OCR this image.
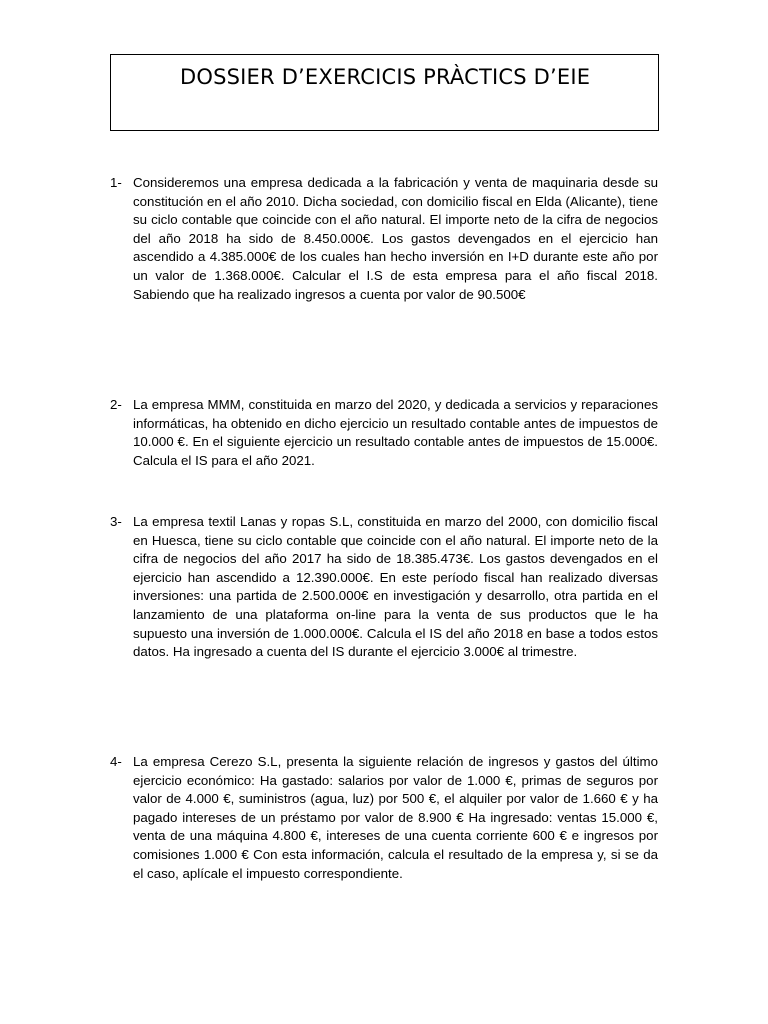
DOSSIER D’EXERCICIS PRÀCTICS D’EIE
1- Consideremos una empresa dedicada a la fabricación y venta de maquinaria desde su constitución en el año 2010. Dicha sociedad, con domicilio fiscal en Elda (Alicante), tiene su ciclo contable que coincide con el año natural. El importe neto de la cifra de negocios del año 2018 ha sido de 8.450.000€. Los gastos devengados en el ejercicio han ascendido a 4.385.000€ de los cuales han hecho inversión en I+D durante este año por un valor de 1.368.000€. Calcular el I.S de esta empresa para el año fiscal 2018. Sabiendo que ha realizado ingresos a cuenta por valor de 90.500€
2- La empresa MMM, constituida en marzo del 2020, y dedicada a servicios y reparaciones informáticas, ha obtenido en dicho ejercicio un resultado contable antes de impuestos de 10.000 €. En el siguiente ejercicio un resultado contable antes de impuestos de 15.000€. Calcula el IS para el año 2021.
3- La empresa textil Lanas y ropas S.L, constituida en marzo del 2000, con domicilio fiscal en Huesca, tiene su ciclo contable que coincide con el año natural. El importe neto de la cifra de negocios del año 2017 ha sido de 18.385.473€. Los gastos devengados en el ejercicio han ascendido a 12.390.000€. En este período fiscal han realizado diversas inversiones: una partida de 2.500.000€ en investigación y desarrollo, otra partida en el lanzamiento de una plataforma on-line para la venta de sus productos que le ha supuesto una inversión de 1.000.000€. Calcula el IS del año 2018 en base a todos estos datos. Ha ingresado a cuenta del IS durante el ejercicio 3.000€ al trimestre.
4- La empresa Cerezo S.L, presenta la siguiente relación de ingresos y gastos del último ejercicio económico: Ha gastado: salarios por valor de 1.000 €, primas de seguros por valor de 4.000 €, suministros (agua, luz) por 500 €, el alquiler por valor de 1.660 € y ha pagado intereses de un préstamo por valor de 8.900 € Ha ingresado: ventas 15.000 €, venta de una máquina 4.800 €, intereses de una cuenta corriente 600 € e ingresos por comisiones 1.000 € Con esta información, calcula el resultado de la empresa y, si se da el caso, aplícale el impuesto correspondiente.
